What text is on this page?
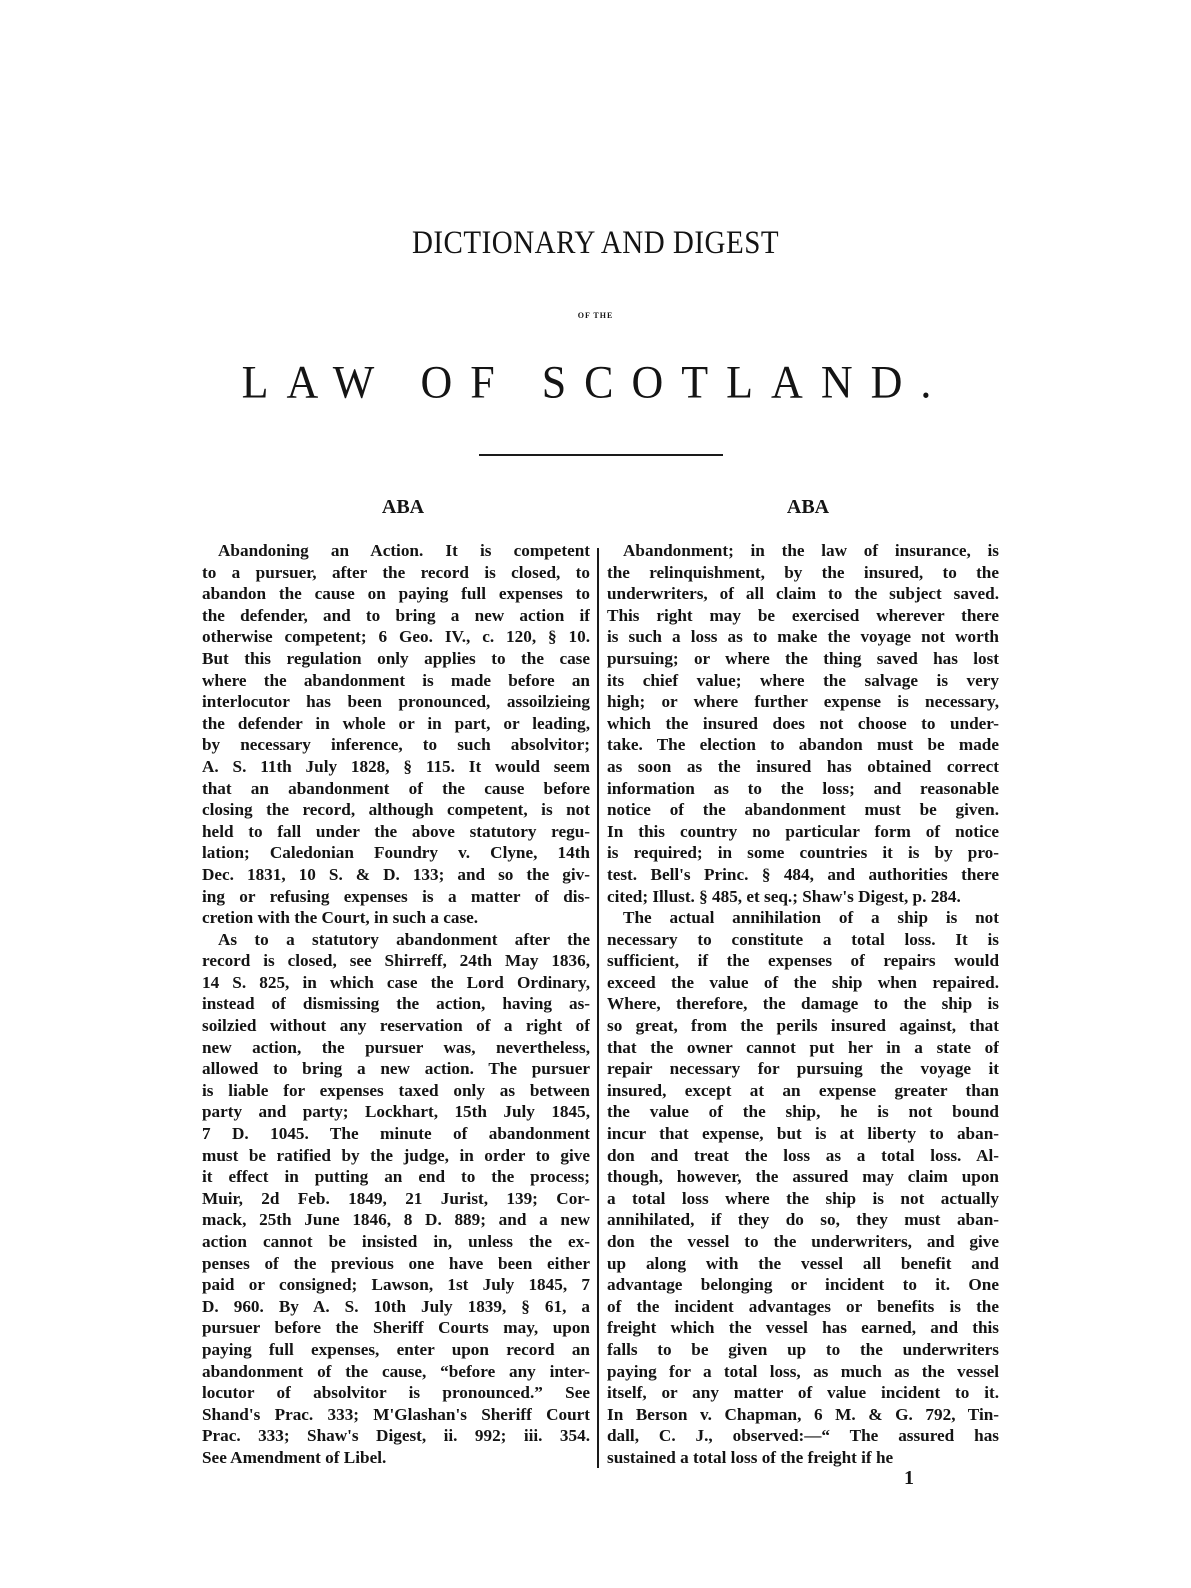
DICTIONARY AND DIGEST
OF THE
LAW OF SCOTLAND.
ABA	ABA
Abandoning an Action. It is competent
to a pursuer, after the record is closed, to
abandon the cause on paying full expenses to
the defender, and to bring a new action if
otherwise competent; 6 Geo. IV., c. 120, § 10.
But this regulation only applies to the case
where the abandonment is made before an
interlocutor has been pronounced, assoilzieing
the defender in whole or in part, or leading,
by necessary inference, to such absolvitor;
A. S. 11th July 1828, § 115. It would seem
that an abandonment of the cause before
closing the record, although competent, is not
held to fall under the above statutory regu-
lation; Caledonian Foundry v. Clyne, 14th
Dec. 1831, 10 S. & D. 133; and so the giv-
ing or refusing expenses is a matter of dis-
cretion with the Court, in such a case.
As to a statutory abandonment after the
record is closed, see Shirreff, 24th May 1836,
14 S. 825, in which case the Lord Ordinary,
instead of dismissing the action, having as-
soilzied without any reservation of a right of
new action, the pursuer was, nevertheless,
allowed to bring a new action. The pursuer
is liable for expenses taxed only as between
party and party; Lockhart, 15th July 1845,
7 D. 1045. The minute of abandonment
must be ratified by the judge, in order to give
it effect in putting an end to the process;
Muir, 2d Feb. 1849, 21 Jurist, 139; Cor-
mack, 25th June 1846, 8 D. 889; and a new
action cannot be insisted in, unless the ex-
penses of the previous one have been either
paid or consigned; Lawson, 1st July 1845, 7
D. 960. By A. S. 10th July 1839, § 61, a
pursuer before the Sheriff Courts may, upon
paying full expenses, enter upon record an
abandonment of the cause, “before any inter-
locutor of absolvitor is pronounced.” See
Shand's Prac. 333; M'Glashan's Sheriff Court
Prac. 333; Shaw's Digest, ii. 992; iii. 354.
See Amendment of Libel.
Abandonment; in the law of insurance, is
the relinquishment, by the insured, to the
underwriters, of all claim to the subject saved.
This right may be exercised wherever there
is such a loss as to make the voyage not worth
pursuing; or where the thing saved has lost
its chief value; where the salvage is very
high; or where further expense is necessary,
which the insured does not choose to under-
take. The election to abandon must be made
as soon as the insured has obtained correct
information as to the loss; and reasonable
notice of the abandonment must be given.
In this country no particular form of notice
is required; in some countries it is by pro-
test. Bell's Princ. § 484, and authorities there
cited; Illust. § 485, et seq.; Shaw's Digest, p. 284.
The actual annihilation of a ship is not
necessary to constitute a total loss. It is
sufficient, if the expenses of repairs would
exceed the value of the ship when repaired.
Where, therefore, the damage to the ship is
so great, from the perils insured against, that
that the owner cannot put her in a state of
repair necessary for pursuing the voyage it
insured, except at an expense greater than
the value of the ship, he is not bound
incur that expense, but is at liberty to aban-
don and treat the loss as a total loss. Al-
though, however, the assured may claim upon
a total loss where the ship is not actually
annihilated, if they do so, they must aban-
don the vessel to the underwriters, and give
up along with the vessel all benefit and
advantage belonging or incident to it. One
of the incident advantages or benefits is the
freight which the vessel has earned, and this
falls to be given up to the underwriters
paying for a total loss, as much as the vessel
itself, or any matter of value incident to it.
In Berson v. Chapman, 6 M. & G. 792, Tin-
dall, C. J., observed:—“ The assured has
sustained a total loss of the freight if he
1
